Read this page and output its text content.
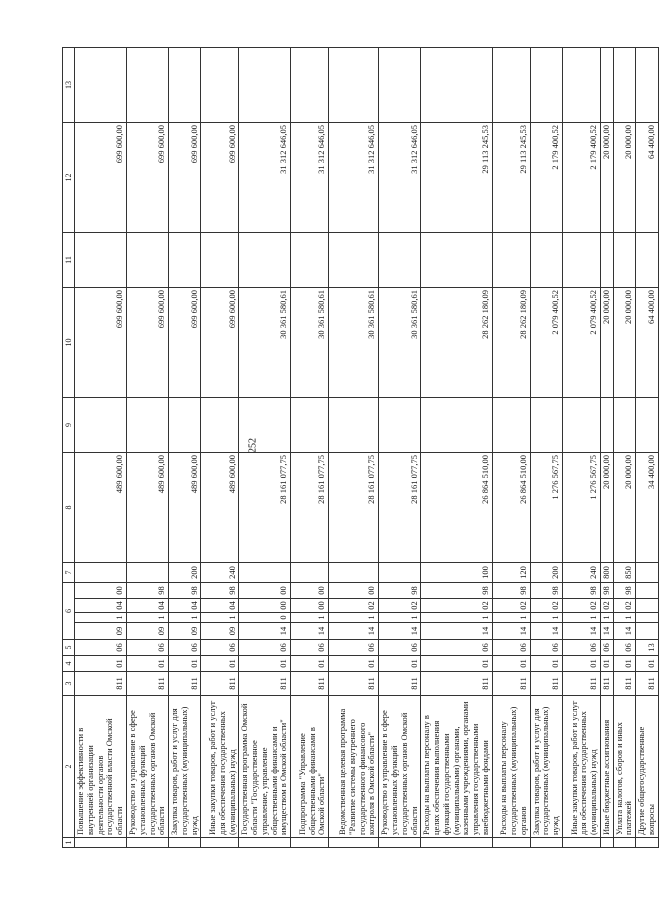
252
1	2	3	4	5	6				7	8	9	10	11	12	13
	Повышение эффективности в внутренней организации деятельности органов государственной власти Омской области	811	01	06	09	1	04	00		489 600,00		699 600,00		699 600,00	
	Руководство и управление в сфере установленных функций государственных органов Омской области	811	01	06	09	1	04	98		489 600,00		699 600,00		699 600,00	
	Закупка товаров, работ и услуг для государственных (муниципальных) нужд	811	01	06	09	1	04	98	200	489 600,00		699 600,00		699 600,00	
	Иные закупки товаров, работ и услуг для обеспечения государственных (муниципальных) нужд	811	01	06	09	1	04	98	240	489 600,00		699 600,00		699 600,00	
	Государственная программа Омской области "Государственное управление, управление общественными финансами и имуществом в Омской области"	811	01	06	14	0	00	00		28 161 077,75		30 361 580,61		31 312 646,05	
	Подпрограмма "Управление общественными финансами в Омской области"	811	01	06	14	1	00	00		28 161 077,75		30 361 580,61		31 312 646,05	
	Ведомственная целевая программа "Развитие системы внутреннего государственного финансового контроля в Омской области"	811	01	06	14	1	02	00		28 161 077,75		30 361 580,61		31 312 646,05	
	Руководство и управление в сфере установленных функций государственных органов Омской области	811	01	06	14	1	02	98		28 161 077,75		30 361 580,61		31 312 646,05	
	Расходы на выплаты персоналу в целях обеспечения выполнения функций государственными (муниципальными) органами, казенными учреждениями, органами управления государственными внебюджетными фондами	811	01	06	14	1	02	98	100	26 864 510,00		28 262 180,09		29 113 245,53	
	Расходы на выплаты персоналу государственных (муниципальных) органов	811	01	06	14	1	02	98	120	26 864 510,00		28 262 180,09		29 113 245,53	
	Закупка товаров, работ и услуг для государственных (муниципальных) нужд	811	01	06	14	1	02	98	200	1 276 567,75		2 079 400,52		2 179 400,52	
	Иные закупки товаров, работ и услуг для обеспечения государственных (муниципальных) нужд	811	01	06	14	1	02	98	240	1 276 567,75		2 079 400,52		2 179 400,52	
	Иные бюджетные ассигнования	811	01	06	14	1	02	98	800	20 000,00		20 000,00		20 000,00	
	Уплата налогов, сборов и иных платежей	811	01	06	14	1	02	98	850	20 000,00		20 000,00		20 000,00	
	Другие общегосударственные вопросы	811	01	13						34 400,00		64 400,00		64 400,00	
